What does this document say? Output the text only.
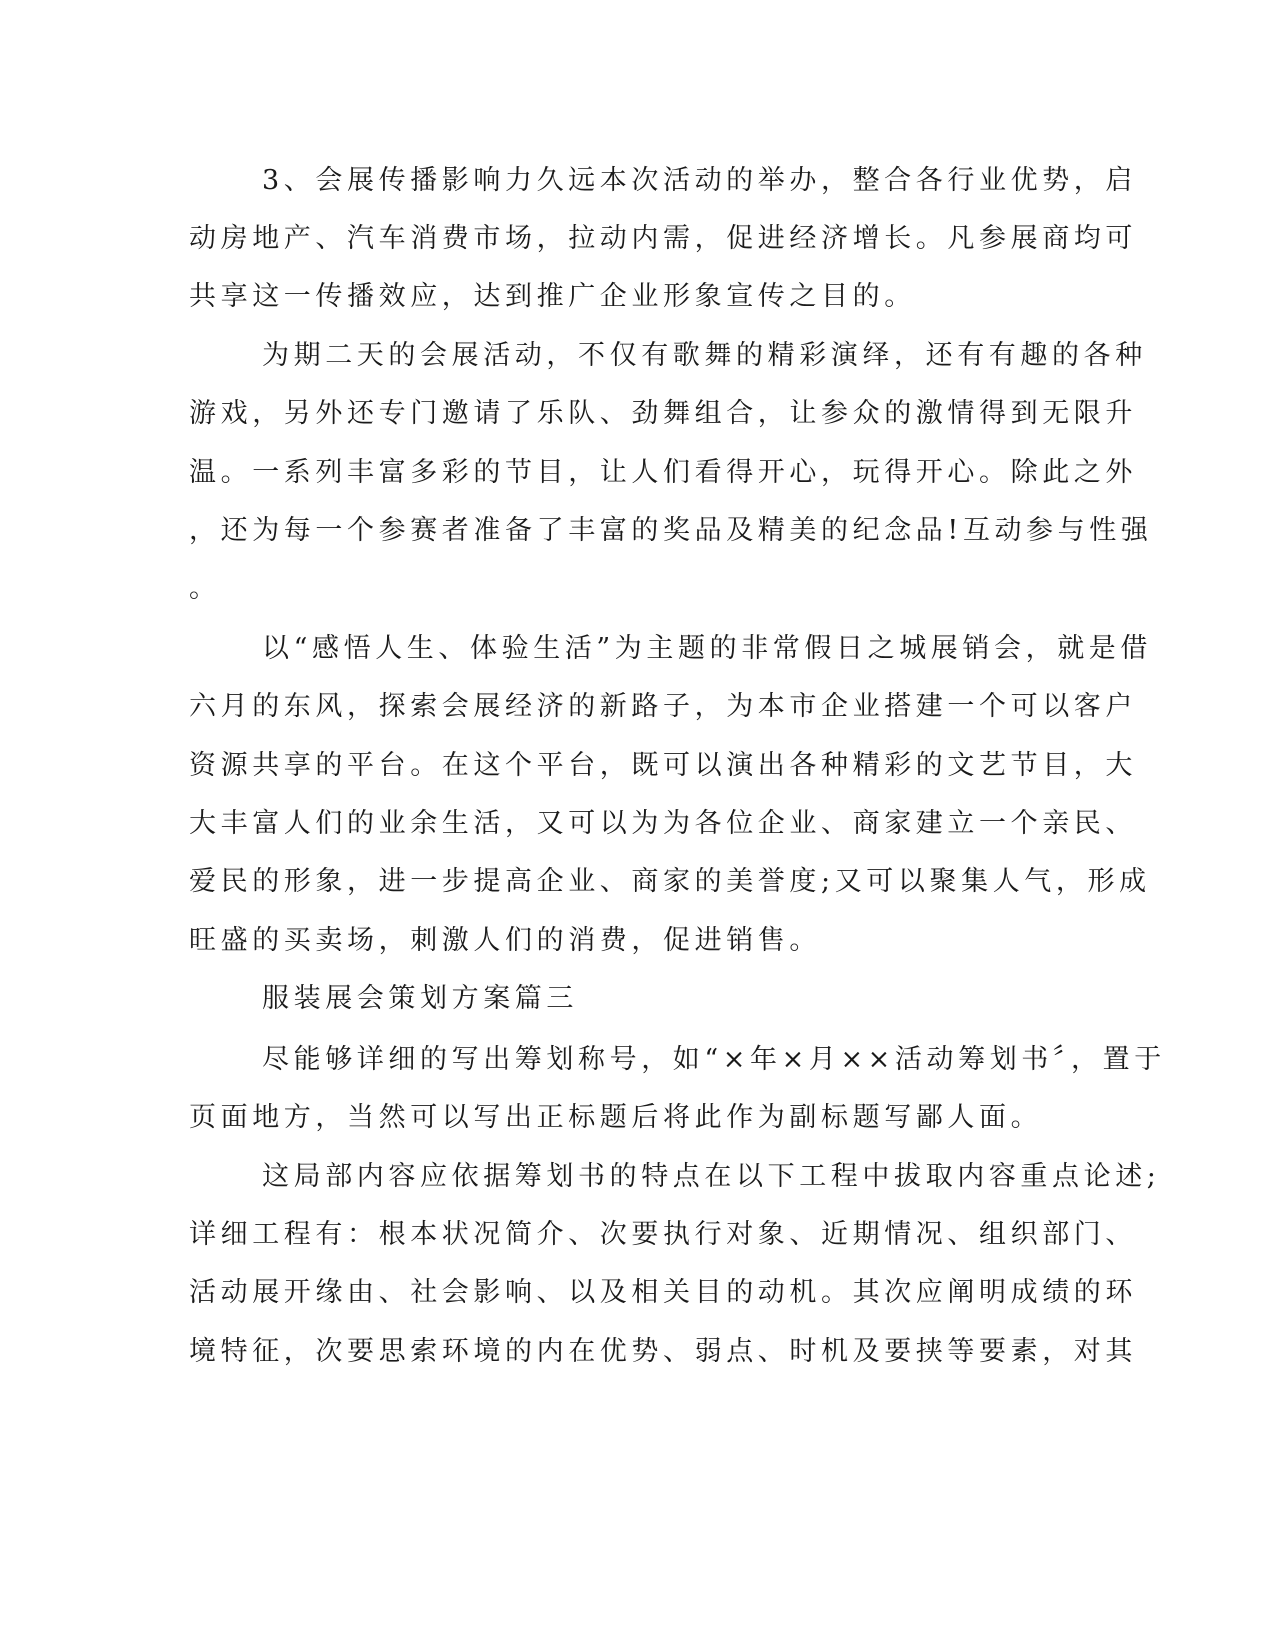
3、会展传播影响力久远本次活动的举办，整合各行业优势，启
动房地产、汽车消费市场，拉动内需，促进经济增长。凡参展商均可
共享这一传播效应，达到推广企业形象宣传之目的。
为期二天的会展活动，不仅有歌舞的精彩演绎，还有有趣的各种
游戏，另外还专门邀请了乐队、劲舞组合，让参众的激情得到无限升
温。一系列丰富多彩的节目，让人们看得开心，玩得开心。除此之外
，还为每一个参赛者准备了丰富的奖品及精美的纪念品!互动参与性强
。
以“感悟人生、体验生活”为主题的非常假日之城展销会，就是借
六月的东风，探索会展经济的新路子，为本市企业搭建一个可以客户
资源共享的平台。在这个平台，既可以演出各种精彩的文艺节目，大
大丰富人们的业余生活，又可以为为各位企业、商家建立一个亲民、
爱民的形象，进一步提高企业、商家的美誉度;又可以聚集人气，形成
旺盛的买卖场，刺激人们的消费，促进销售。
服装展会策划方案篇三
尽能够详细的写出筹划称号，如“×年×月××活动筹划书〞，置于
页面地方，当然可以写出正标题后将此作为副标题写鄙人面。
这局部内容应依据筹划书的特点在以下工程中拔取内容重点论述;
详细工程有：根本状况简介、次要执行对象、近期情况、组织部门、
活动展开缘由、社会影响、以及相关目的动机。其次应阐明成绩的环
境特征，次要思索环境的内在优势、弱点、时机及要挟等要素，对其
